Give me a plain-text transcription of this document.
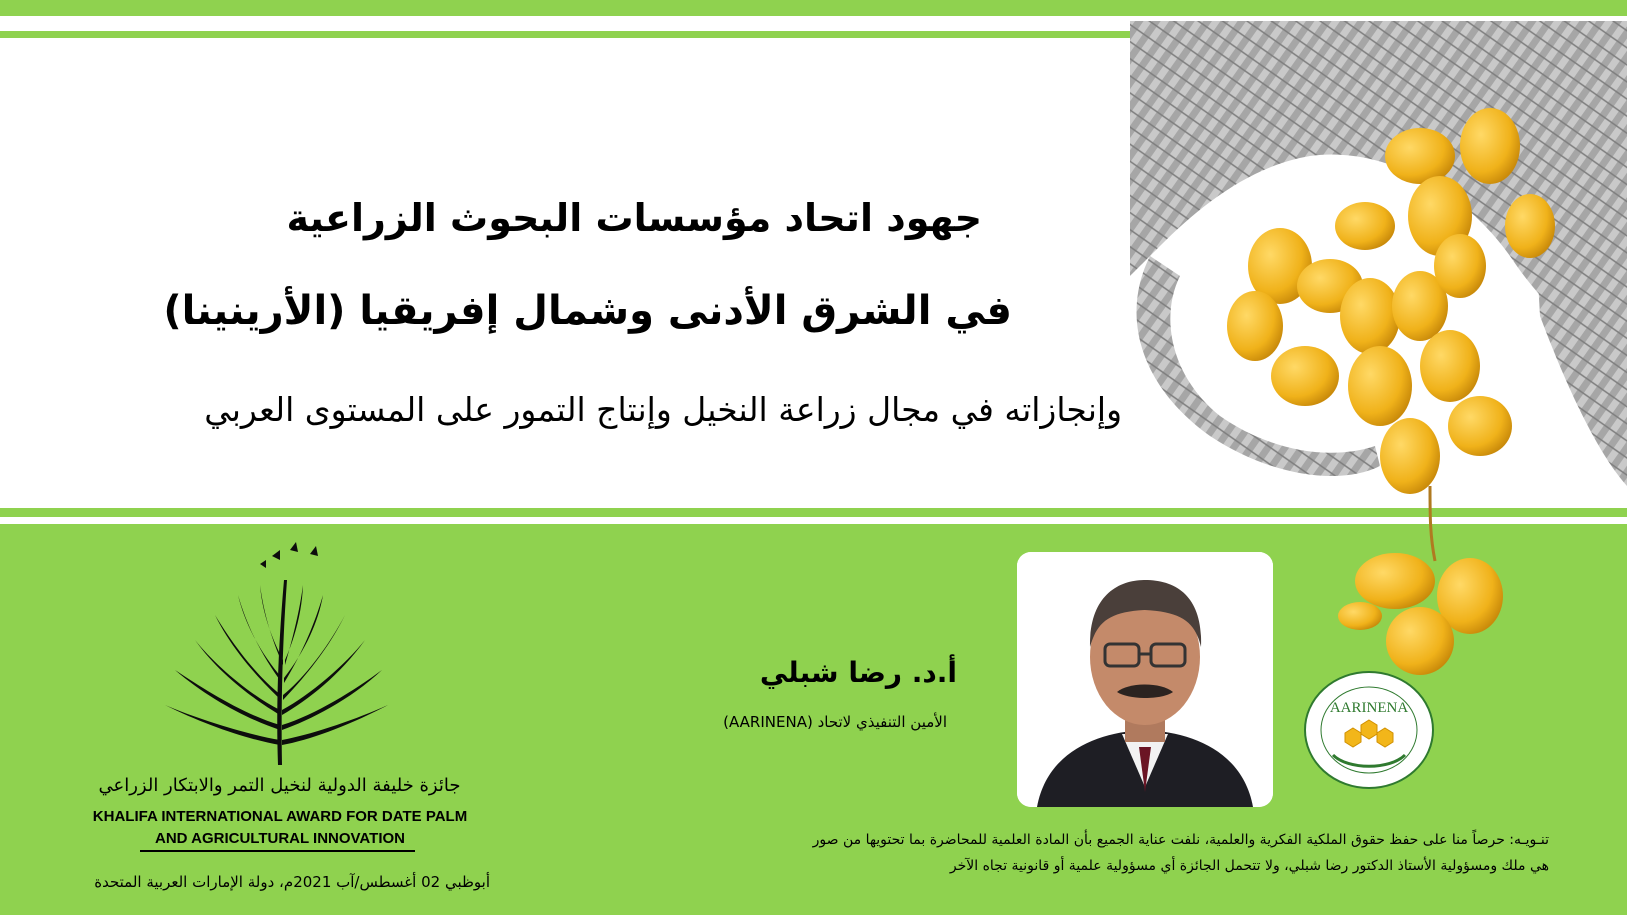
جهود اتحاد مؤسسات البحوث الزراعية
في الشرق الأدنى وشمال إفريقيا (الأرينينا)
وإنجازاته في مجال زراعة النخيل وإنتاج التمور على المستوى العربي
أ.د. رضا شبلي
الأمين التنفيذي لاتحاد (AARINENA)
AARINENA
جائزة خليفة الدولية لنخيل التمر والابتكار الزراعي
KHALIFA INTERNATIONAL AWARD FOR DATE PALM
AND AGRICULTURAL INNOVATION
أبوظبي 02 أغسطس/آب 2021م، دولة الإمارات العربية المتحدة
تنـويـه: حرصاً منا على حفظ حقوق الملكية الفكرية والعلمية، نلفت عناية الجميع بأن المادة العلمية للمحاضرة بما تحتويها من صور
هي ملك ومسؤولية الأستاذ الدكتور رضا شبلي، ولا تتحمل الجائزة أي مسؤولية علمية أو قانونية تجاه الآخر
